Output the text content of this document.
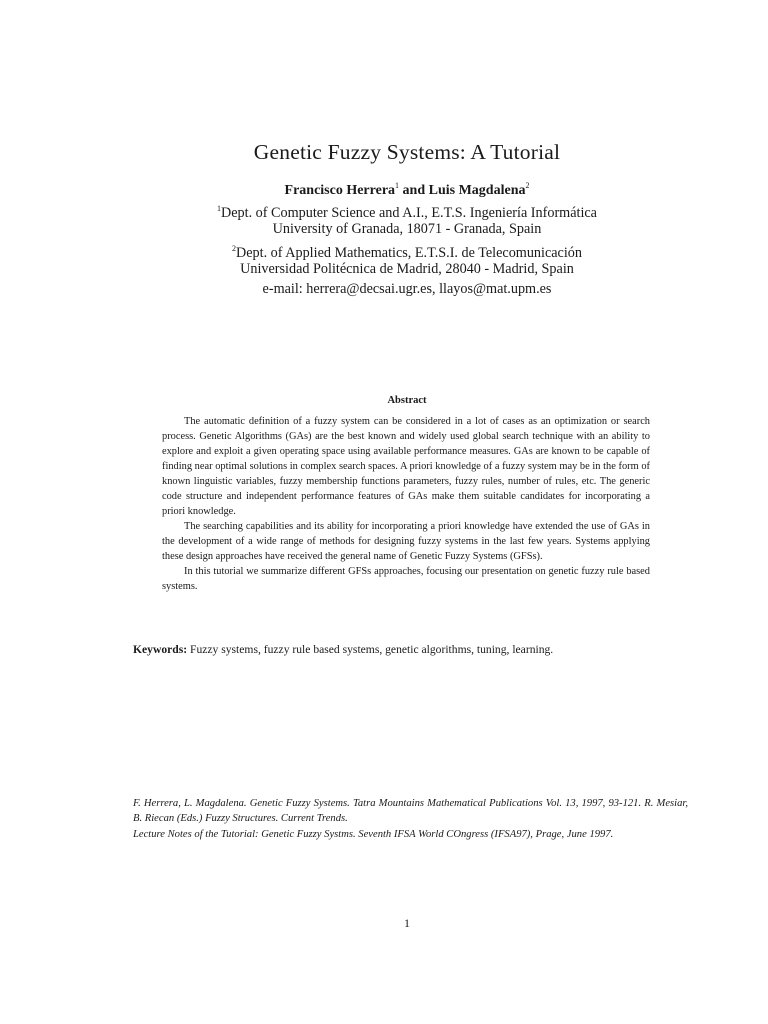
Genetic Fuzzy Systems: A Tutorial
Francisco Herrera$^1$ and Luis Magdalena$^2$
$^1$Dept. of Computer Science and A.I., E.T.S. Ingeniería Informática
University of Granada, 18071 - Granada, Spain
$^2$Dept. of Applied Mathematics, E.T.S.I. de Telecomunicación
Universidad Politécnica de Madrid, 28040 - Madrid, Spain
e-mail: herrera@decsai.ugr.es, llayos@mat.upm.es
Abstract

The automatic definition of a fuzzy system can be considered in a lot of cases as an optimization or search process. Genetic Algorithms (GAs) are the best known and widely used global search technique with an ability to explore and exploit a given operating space using available performance measures. GAs are known to be capable of finding near optimal solutions in complex search spaces. A priori knowledge of a fuzzy system may be in the form of known linguistic variables, fuzzy membership functions parameters, fuzzy rules, number of rules, etc. The generic code structure and independent performance features of GAs make them suitable candidates for incorporating a priori knowledge.

The searching capabilities and its ability for incorporating a priori knowledge have extended the use of GAs in the development of a wide range of methods for designing fuzzy systems in the last few years. Systems applying these design approaches have received the general name of Genetic Fuzzy Systems (GFSs).

In this tutorial we summarize different GFSs approaches, focusing our presentation on genetic fuzzy rule based systems.

Keywords: Fuzzy systems, fuzzy rule based systems, genetic algorithms, tuning, learning.

F. Herrera, L. Magdalena. Genetic Fuzzy Systems. Tatra Mountains Mathematical Publications Vol. 13, 1997, 93-121. R. Mesiar, B. Riecan (Eds.) Fuzzy Structures. Current Trends.

Lecture Notes of the Tutorial: Genetic Fuzzy Systms. Seventh IFSA World COngress (IFSA97), Prage, June 1997.

1
